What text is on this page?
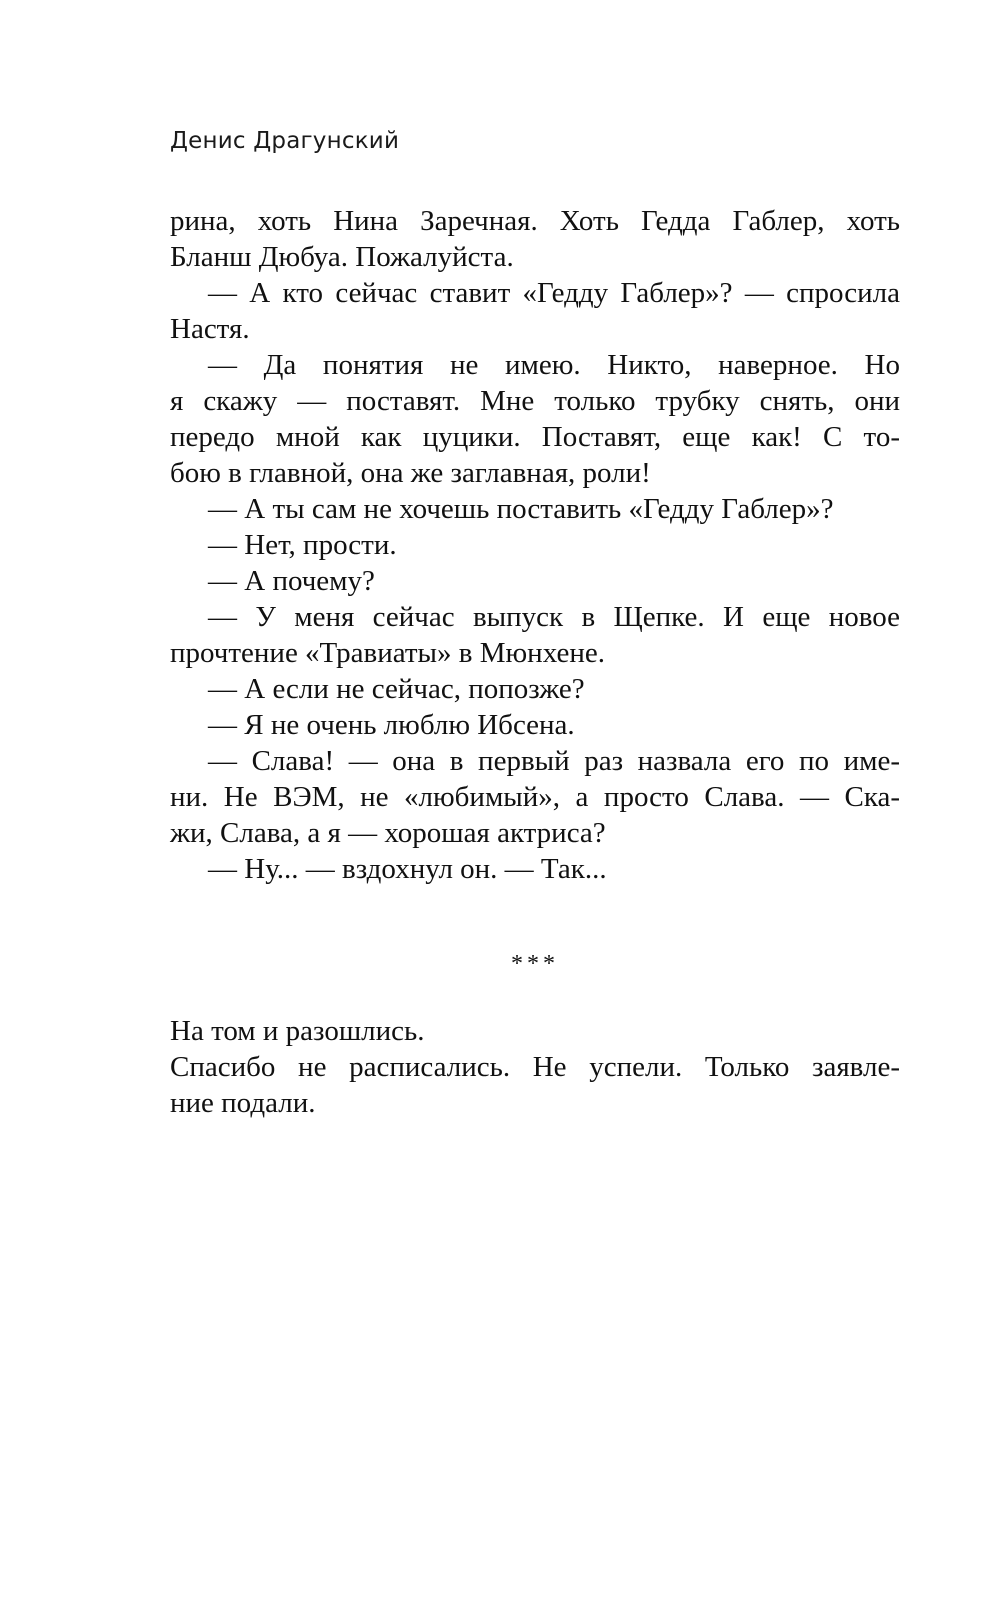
Денис Драгунский
рина, хоть Нина Заречная. Хоть Гедда Габлер, хоть
Бланш Дюбуа. Пожалуйста.
— А кто сейчас ставит «Гедду Габлер»? — спросила
Настя.
— Да понятия не имею. Никто, наверное. Но
я скажу — поставят. Мне только трубку снять, они
передо мной как цуцики. Поставят, еще как! С то-
бою в главной, она же заглавная, роли!
— А ты сам не хочешь поставить «Гедду Габлер»?
— Нет, прости.
— А почему?
— У меня сейчас выпуск в Щепке. И еще новое
прочтение «Травиаты» в Мюнхене.
— А если не сейчас, попозже?
— Я не очень люблю Ибсена.
— Слава! — она в первый раз назвала его по име-
ни. Не ВЭМ, не «любимый», а просто Слава. — Ска-
жи, Слава, а я — хорошая актриса?
— Ну... — вздохнул он. — Так...
***
На том и разошлись.
Спасибо не расписались. Не успели. Только заявле-
ние подали.
